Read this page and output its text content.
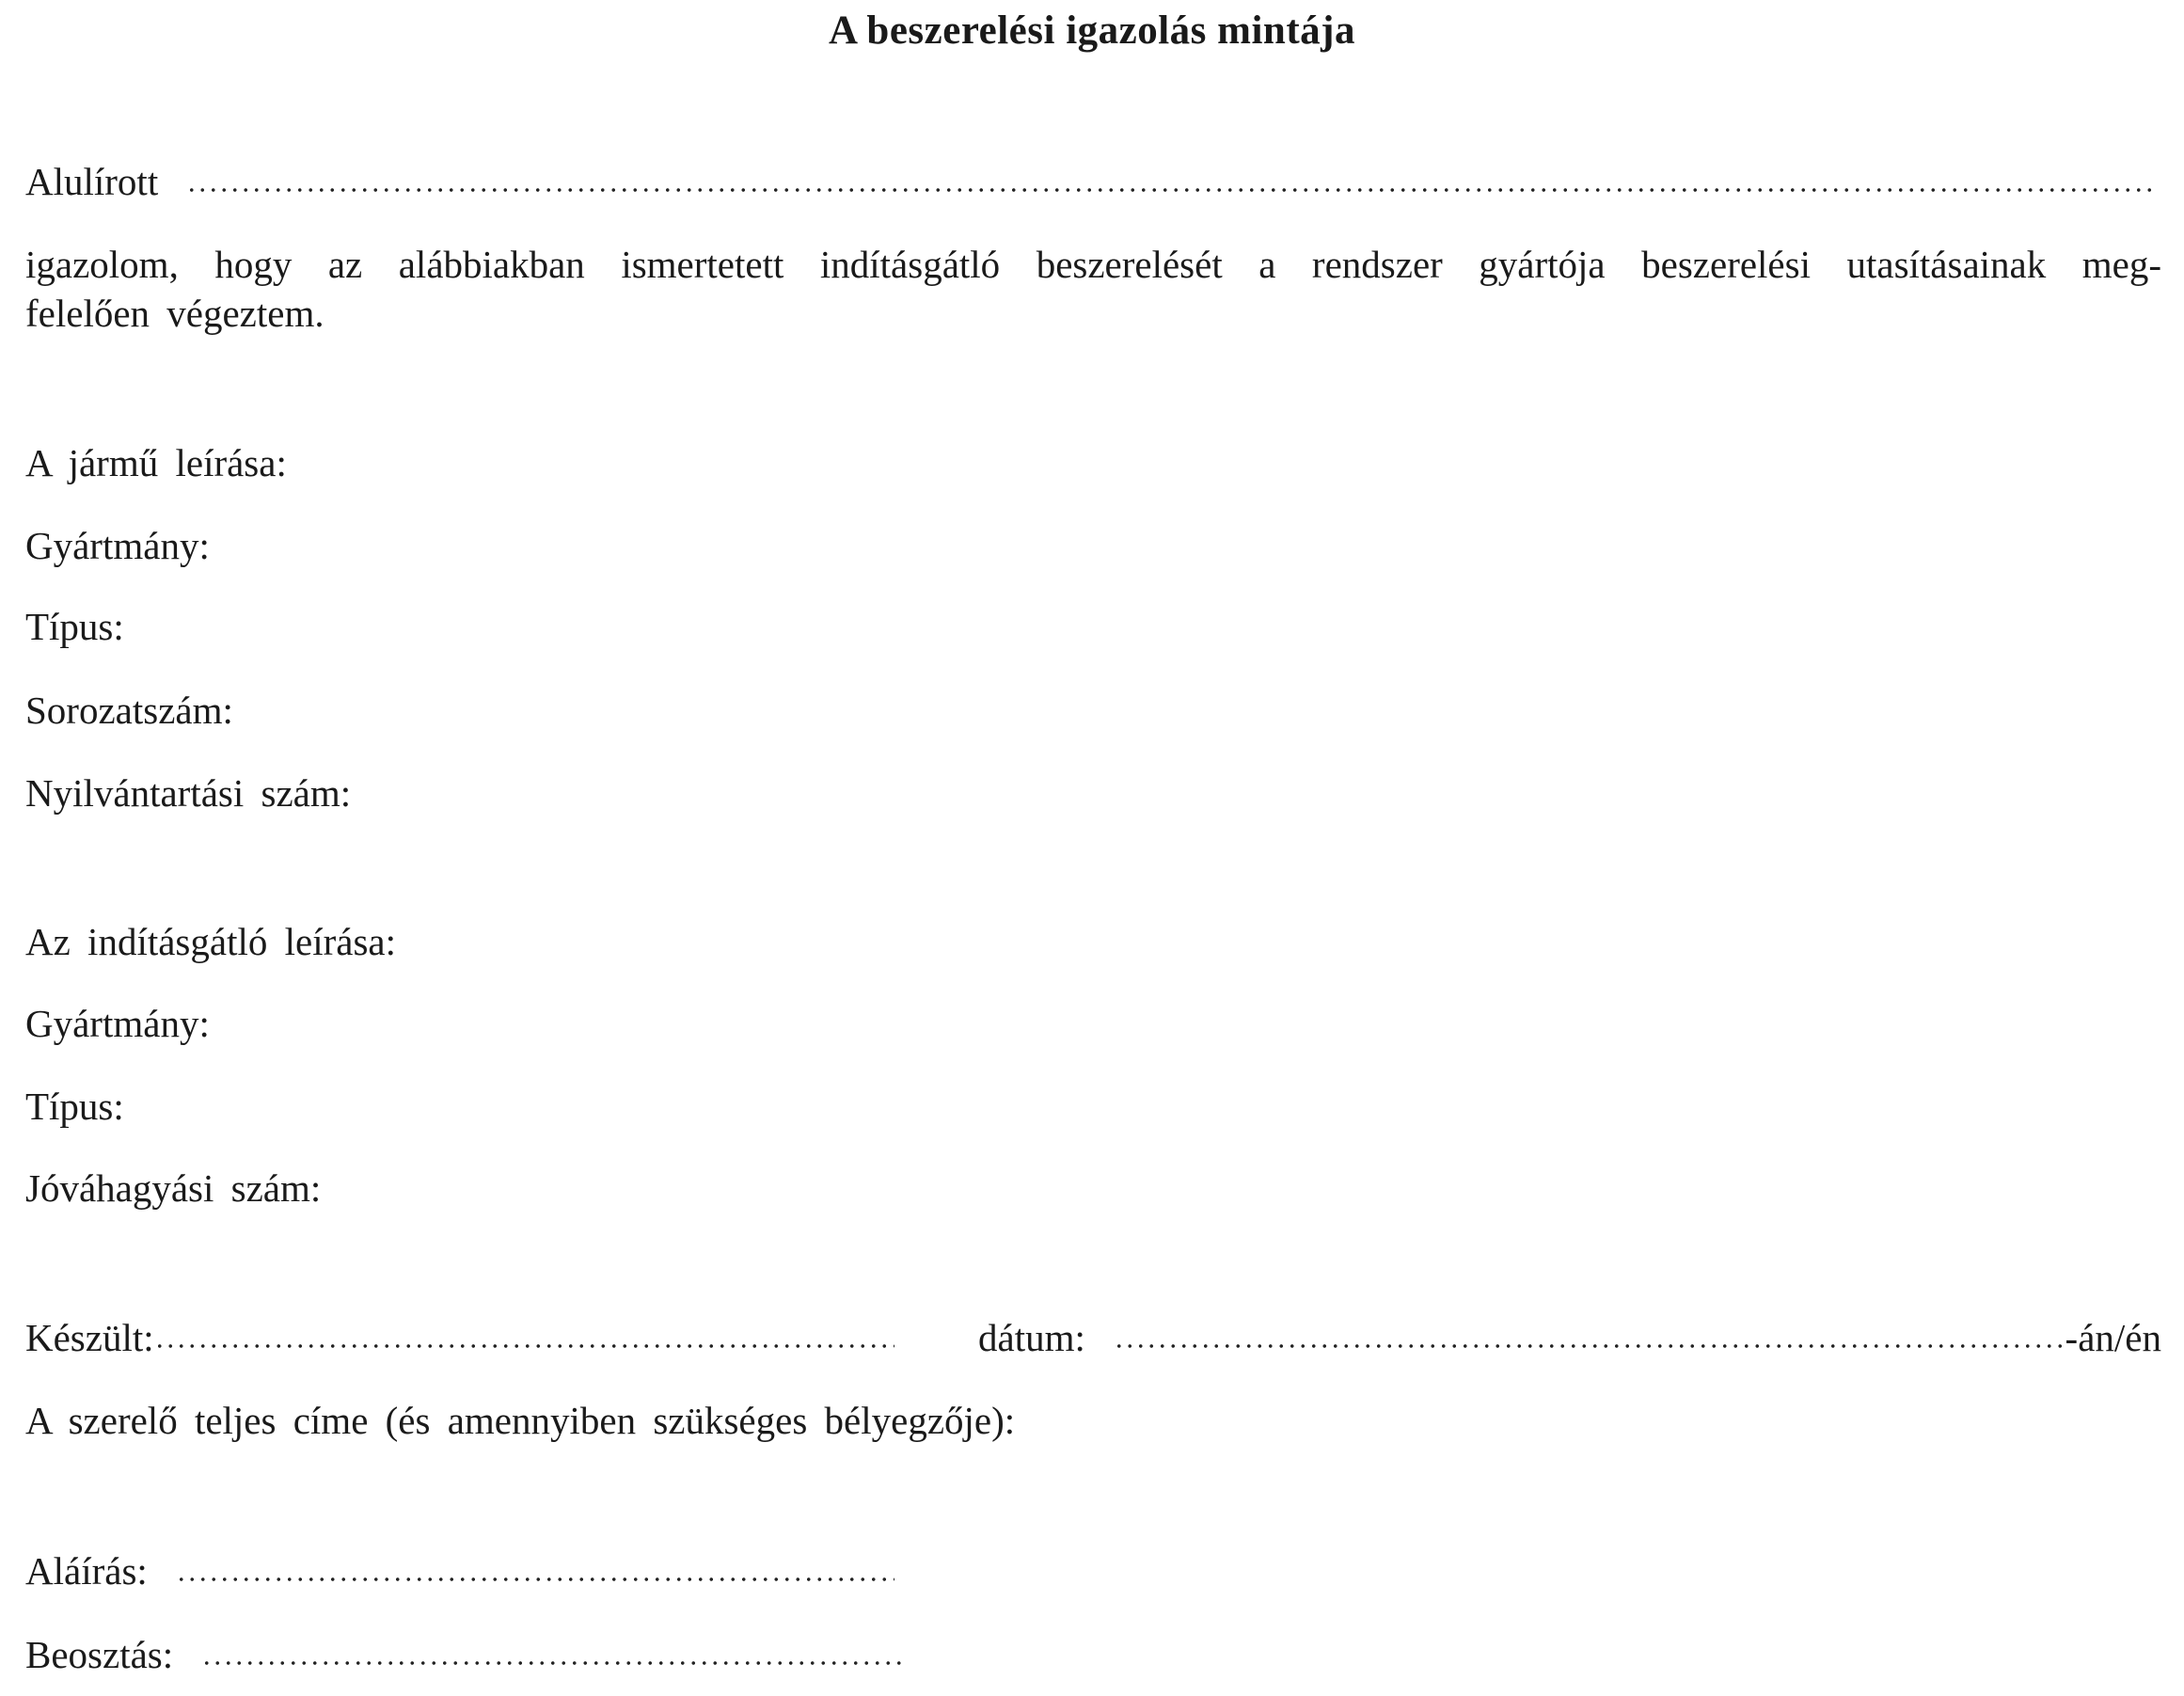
A beszerelési igazolás mintája
Alulírott
igazolom, hogy az alábbiakban ismertetett indításgátló beszerelését a rendszer gyártója beszerelési utasításainak meg-
felelően végeztem.
A jármű leírása:
Gyártmány:
Típus:
Sorozatszám:
Nyilvántartási szám:
Az indításgátló leírása:
Gyártmány:
Típus:
Jóváhagyási szám:
Készült:	dátum:	-án/én
A szerelő teljes címe (és amennyiben szükséges bélyegzője):
Aláírás:
Beosztás:
